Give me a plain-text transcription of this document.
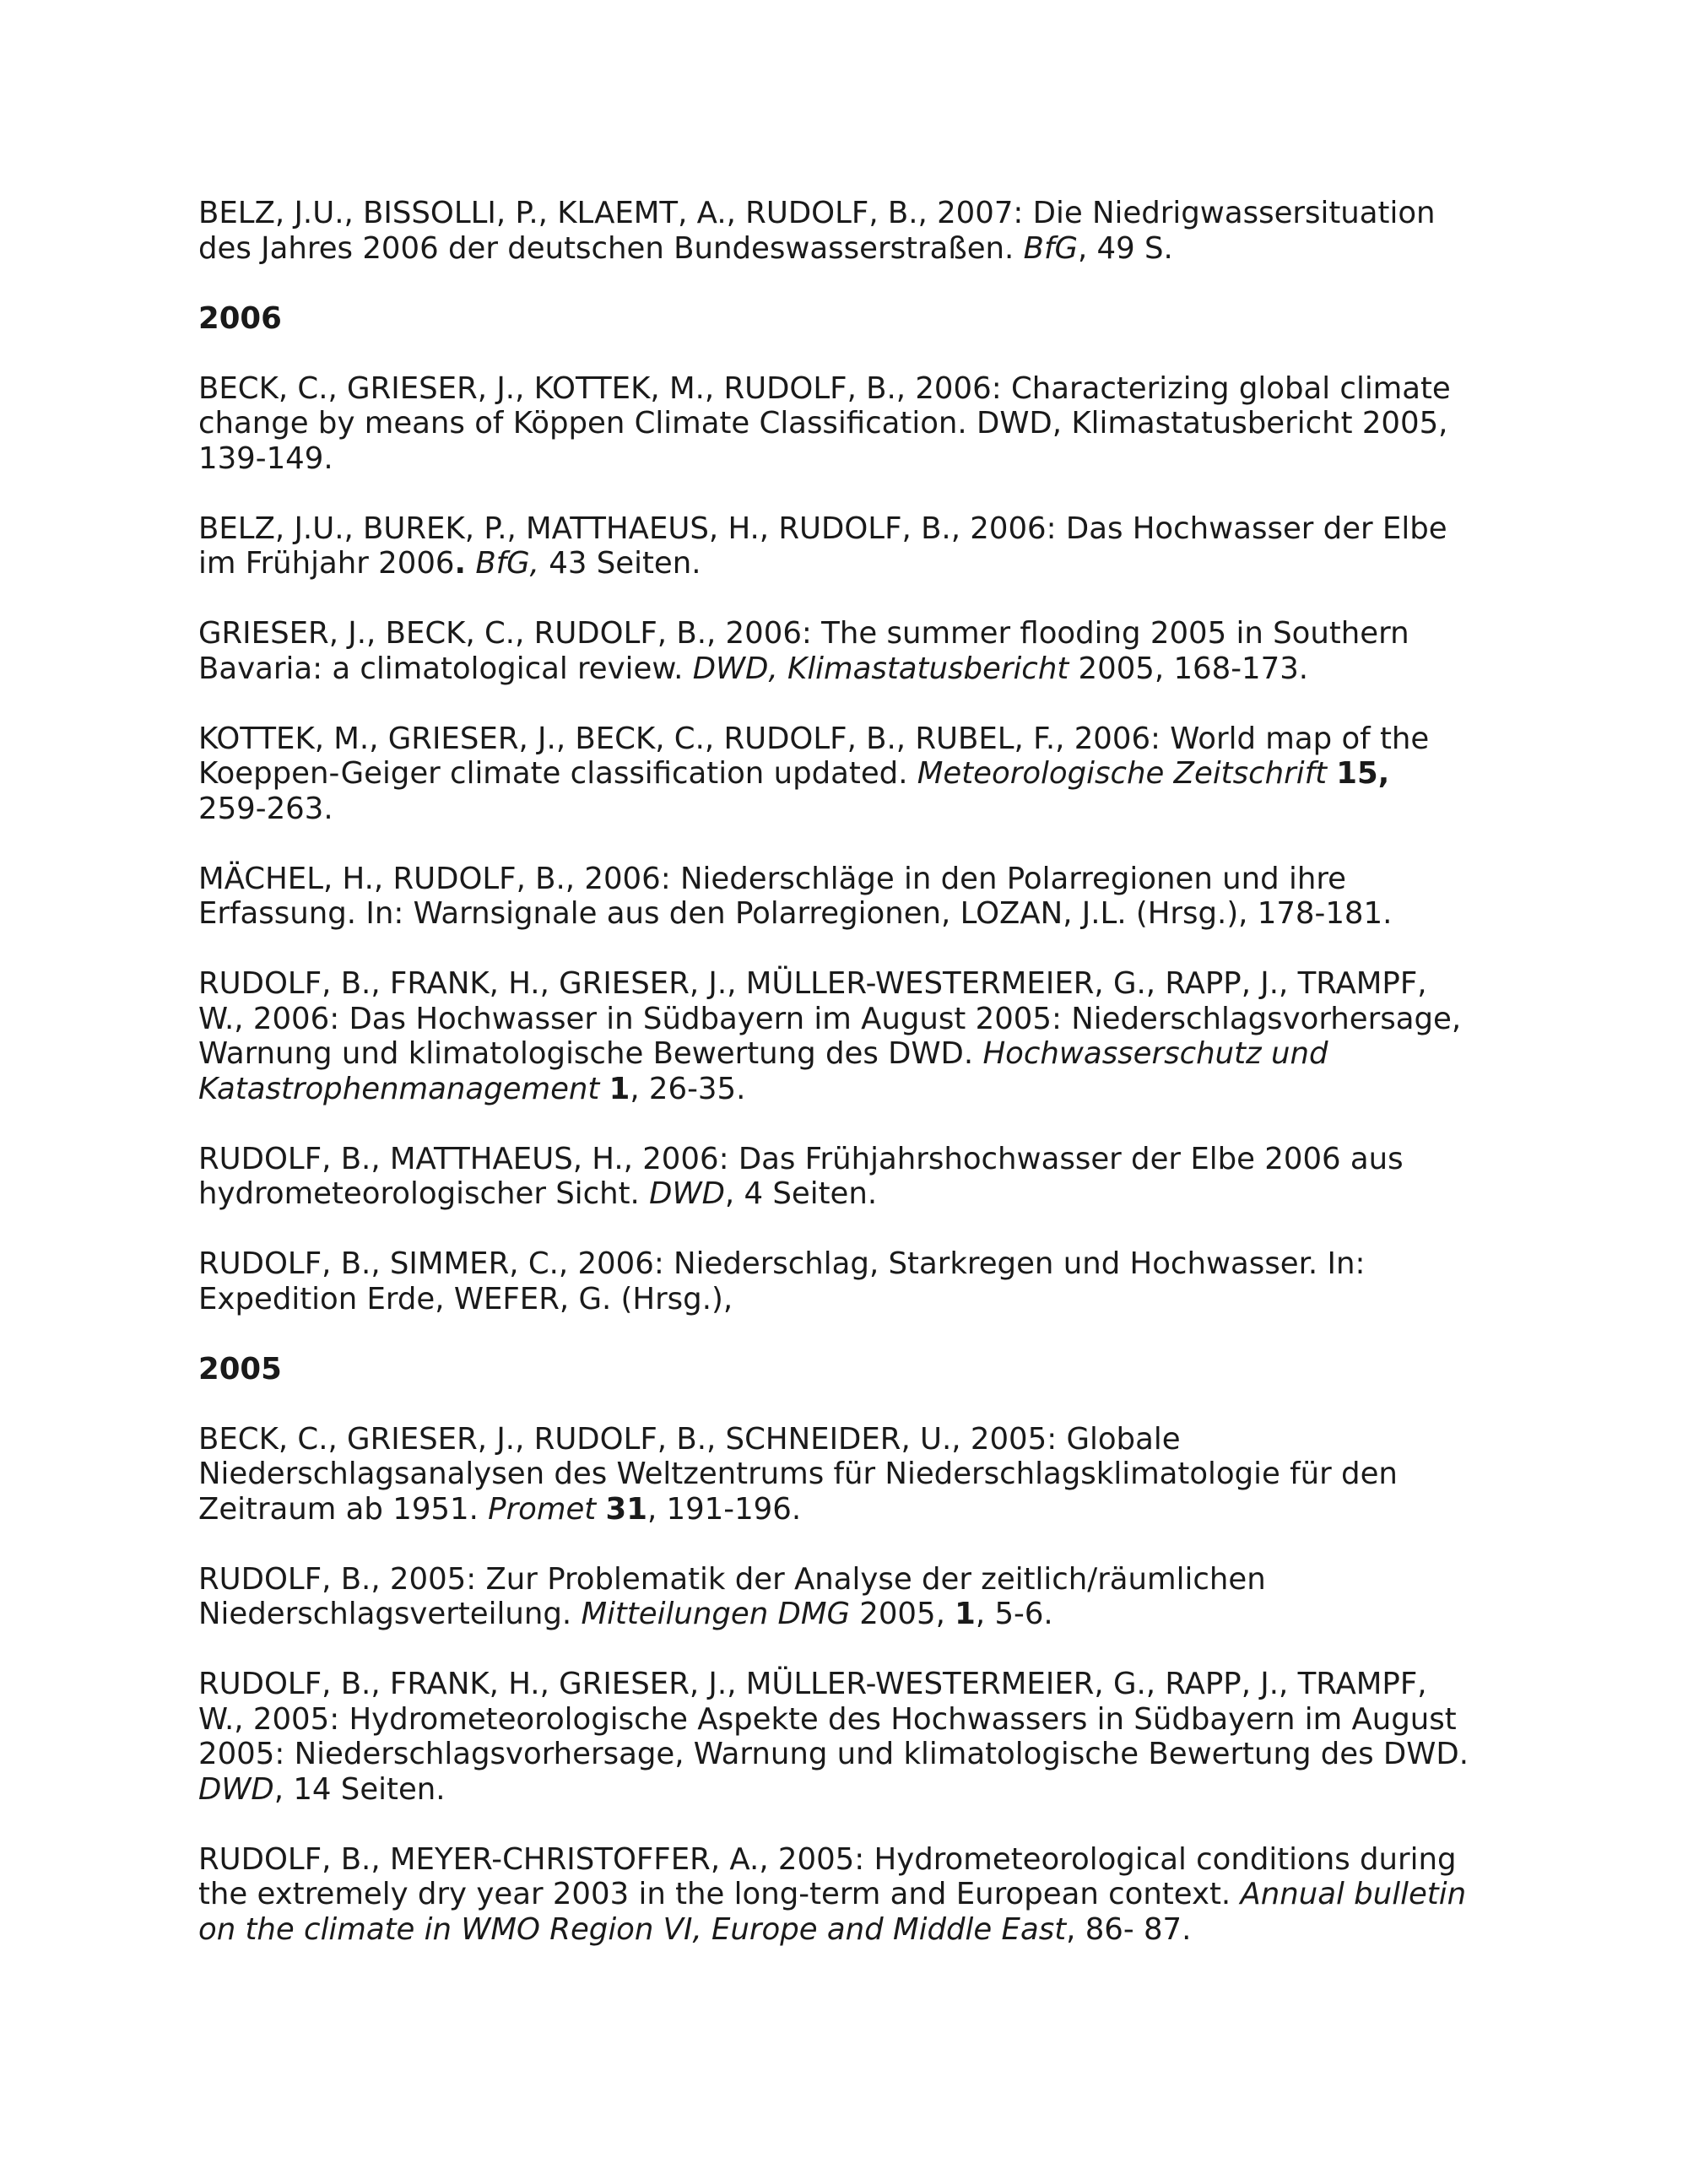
BELZ, J.U., BISSOLLI, P., KLAEMT, A., RUDOLF, B., 2007: Die Niedrigwassersituation
des Jahres 2006 der deutschen Bundeswasserstraßen. BfG, 49 S.
2006
BECK, C., GRIESER, J., KOTTEK, M., RUDOLF, B., 2006: Characterizing global climate
change by means of Köppen Climate Classification. DWD, Klimastatusbericht 2005,
139-149.
BELZ, J.U., BUREK, P., MATTHAEUS, H., RUDOLF, B., 2006: Das Hochwasser der Elbe
im Frühjahr 2006. BfG, 43 Seiten.
GRIESER, J., BECK, C., RUDOLF, B., 2006: The summer flooding 2005 in Southern
Bavaria: a climatological review. DWD, Klimastatusbericht 2005, 168-173.
KOTTEK, M., GRIESER, J., BECK, C., RUDOLF, B., RUBEL, F., 2006: World map of the
Koeppen-Geiger climate classification updated. Meteorologische Zeitschrift 15,
259-263.
MÄCHEL, H., RUDOLF, B., 2006: Niederschläge in den Polarregionen und ihre
Erfassung. In: Warnsignale aus den Polarregionen, LOZAN, J.L. (Hrsg.), 178-181.
RUDOLF, B., FRANK, H., GRIESER, J., MÜLLER-WESTERMEIER, G., RAPP, J., TRAMPF,
W., 2006: Das Hochwasser in Südbayern im August 2005: Niederschlagsvorhersage,
Warnung und klimatologische Bewertung des DWD. Hochwasserschutz und
Katastrophenmanagement 1, 26-35.
RUDOLF, B., MATTHAEUS, H., 2006: Das Frühjahrshochwasser der Elbe 2006 aus
hydrometeorologischer Sicht. DWD, 4 Seiten.
RUDOLF, B., SIMMER, C., 2006: Niederschlag, Starkregen und Hochwasser. In:
Expedition Erde, WEFER, G. (Hrsg.),
2005
BECK, C., GRIESER, J., RUDOLF, B., SCHNEIDER, U., 2005: Globale
Niederschlagsanalysen des Weltzentrums für Niederschlagsklimatologie für den
Zeitraum ab 1951. Promet 31, 191-196.
RUDOLF, B., 2005: Zur Problematik der Analyse der zeitlich/räumlichen
Niederschlagsverteilung. Mitteilungen DMG 2005, 1, 5-6.
RUDOLF, B., FRANK, H., GRIESER, J., MÜLLER-WESTERMEIER, G., RAPP, J., TRAMPF,
W., 2005: Hydrometeorologische Aspekte des Hochwassers in Südbayern im August
2005: Niederschlagsvorhersage, Warnung und klimatologische Bewertung des DWD.
DWD, 14 Seiten.
RUDOLF, B., MEYER-CHRISTOFFER, A., 2005: Hydrometeorological conditions during
the extremely dry year 2003 in the long-term and European context. Annual bulletin
on the climate in WMO Region VI, Europe and Middle East, 86- 87.
